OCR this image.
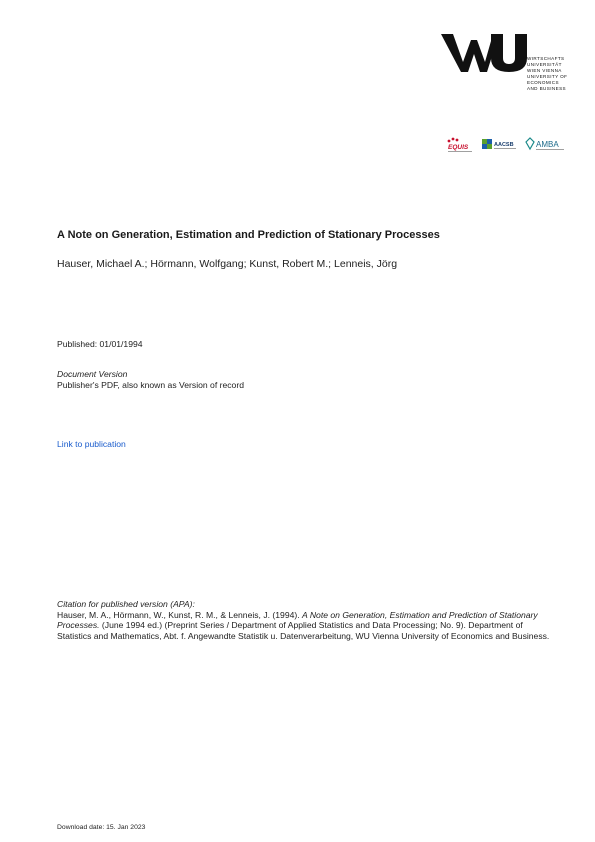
WIRTSCHAFTS
UNIVERSITÄT
WIEN VIENNA
UNIVERSITY OF
ECONOMICS
AND BUSINESS
EQUIS	AACSB	AMBA
A Note on Generation, Estimation and Prediction of Stationary Processes
Hauser, Michael A.; Hörmann, Wolfgang; Kunst, Robert M.; Lenneis, Jörg
Published: 01/01/1994
Document Version
Publisher's PDF, also known as Version of record
Link to publication
Citation for published version (APA):
Hauser, M. A., Hörmann, W., Kunst, R. M., & Lenneis, J. (1994). A Note on Generation, Estimation and Prediction of Stationary Processes. (June 1994 ed.) (Preprint Series / Department of Applied Statistics and Data Processing; No. 9). Department of Statistics and Mathematics, Abt. f. Angewandte Statistik u. Datenverarbeitung, WU Vienna University of Economics and Business.
Download date: 15. Jan 2023
